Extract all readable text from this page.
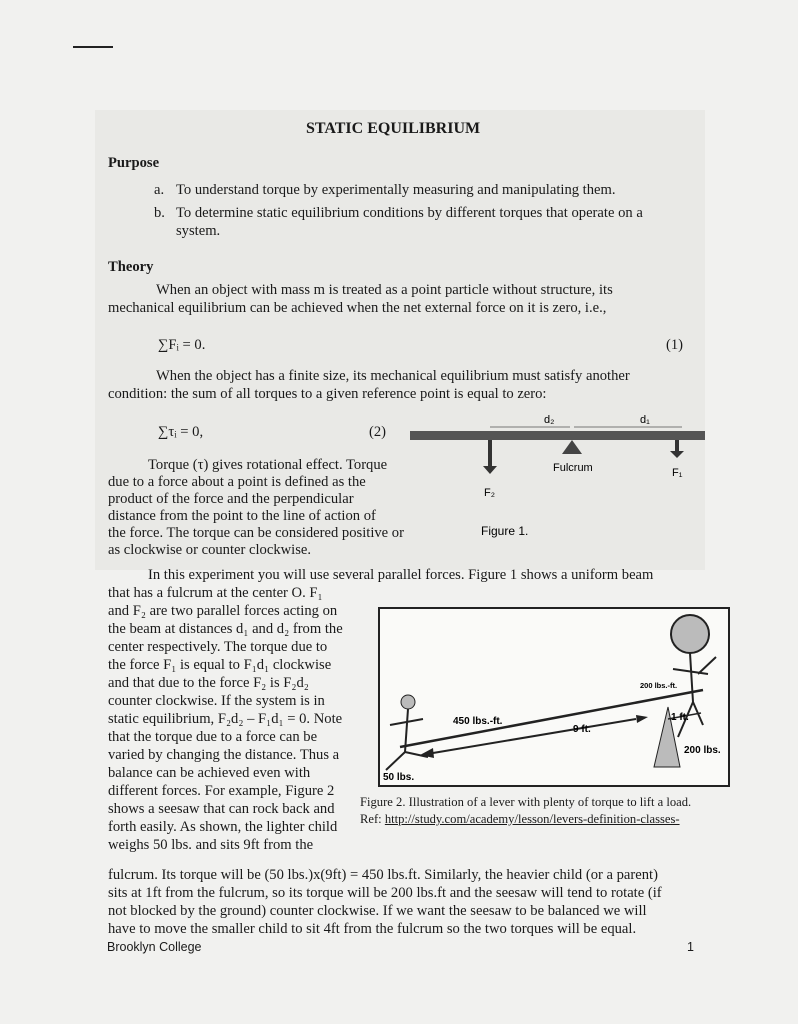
STATIC EQUILIBRIUM
Purpose
a. To understand torque by experimentally measuring and manipulating them.
b. To determine static equilibrium conditions by different torques that operate on a
system.
Theory
When an object with mass m is treated as a point particle without structure, its
mechanical equilibrium can be achieved when the net external force on it is zero, i.e.,
∑Fᵢ = 0.	(1)
When the object has a finite size, its mechanical equilibrium must satisfy another
condition: the sum of all torques to a given reference point is equal to zero:
∑τᵢ = 0,	(2)
Torque (τ) gives rotational effect. Torque
due to a force about a point is defined as the
product of the force and the perpendicular
distance from the point to the line of action of
the force. The torque can be considered positive or
as clockwise or counter clockwise.
d₂	d₁
Fulcrum	F₁
F₂
Figure 1.
In this experiment you will use several parallel forces. Figure 1 shows a uniform beam
that has a fulcrum at the center O. F₁
and F₂ are two parallel forces acting on
the beam at distances d₁ and d₂ from the
center respectively. The torque due to
the force F₁ is equal to F₁d₁ clockwise
and that due to the force F₂ is F₂d₂
counter clockwise. If the system is in
static equilibrium, F₂d₂ – F₁d₁ = 0. Note
that the torque due to a force can be
varied by changing the distance. Thus a
balance can be achieved even with
different forces. For example, Figure 2
shows a seesaw that can rock back and
forth easily. As shown, the lighter child
weighs 50 lbs. and sits 9ft from the
fulcrum. Its torque will be (50 lbs.)x(9ft) = 450 lbs.ft. Similarly, the heavier child (or a parent)
sits at 1ft from the fulcrum, so its torque will be 200 lbs.ft and the seesaw will tend to rotate (if
not blocked by the ground) counter clockwise. If we want the seesaw to be balanced we will
have to move the smaller child to sit 4ft from the fulcrum so the two torques will be equal.
200 lbs.-ft.
450 lbs.-ft.
9 ft.
1 ft.
200 lbs.
50 lbs.
Figure 2. Illustration of a lever with plenty of torque to lift a load.
Ref: http://study.com/academy/lesson/levers-definition-classes-
Brooklyn College	1
